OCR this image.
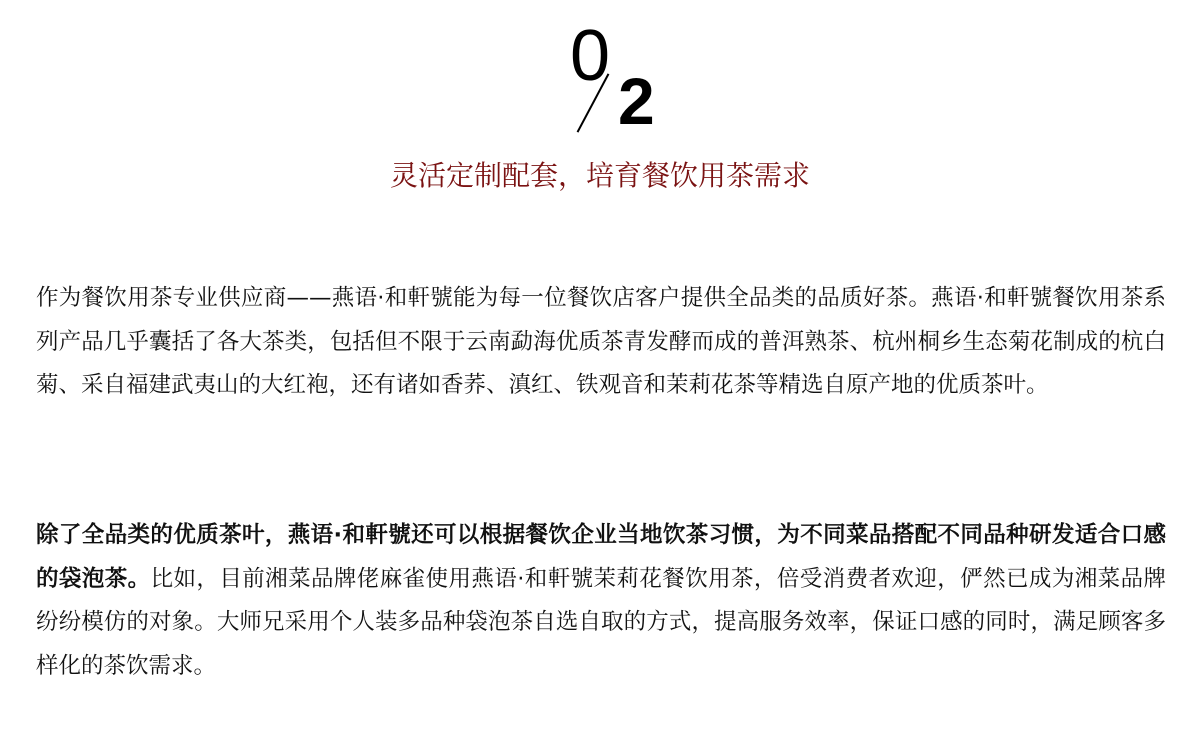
0
2
灵活定制配套，培育餐饮用茶需求

作为餐饮用茶专业供应商——燕语·和軒號能为每一位餐饮店客户提供全品类的品质好茶。燕语·和軒號餐饮用茶系列产品几乎囊括了各大茶类，包括但不限于云南勐海优质茶青发酵而成的普洱熟茶、杭州桐乡生态菊花制成的杭白菊、采自福建武夷山的大红袍，还有诸如香荞、滇红、铁观音和茉莉花茶等精选自原产地的优质茶叶。

除了全品类的优质茶叶，燕语·和軒號还可以根据餐饮企业当地饮茶习惯，为不同菜品搭配不同品种研发适合口感的袋泡茶。比如，目前湘菜品牌佬麻雀使用燕语·和軒號茉莉花餐饮用茶，倍受消费者欢迎，俨然已成为湘菜品牌纷纷模仿的对象。大师兄采用个人装多品种袋泡茶自选自取的方式，提高服务效率，保证口感的同时，满足顾客多样化的茶饮需求。
